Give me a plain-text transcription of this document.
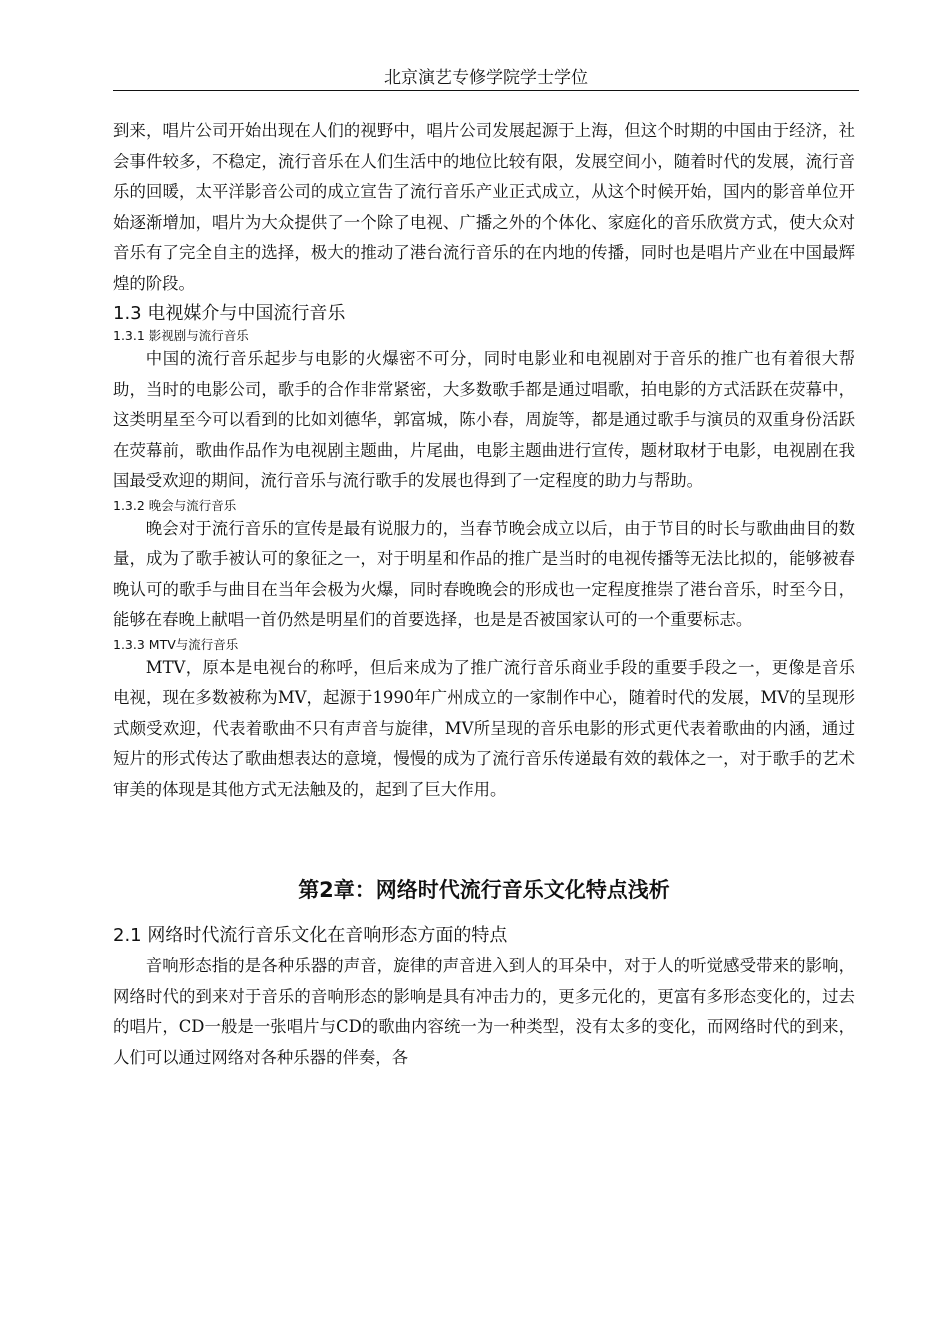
北京演艺专修学院学士学位

到来，唱片公司开始出现在人们的视野中，唱片公司发展起源于上海，但这个时期的中国由于经济，社会事件较多，不稳定，流行音乐在人们生活中的地位比较有限，发展空间小，随着时代的发展，流行音乐的回暖，太平洋影音公司的成立宣告了流行音乐产业正式成立，从这个时候开始，国内的影音单位开始逐渐增加，唱片为大众提供了一个除了电视、广播之外的个体化、家庭化的音乐欣赏方式，使大众对音乐有了完全自主的选择，极大的推动了港台流行音乐的在内地的传播，同时也是唱片产业在中国最辉煌的阶段。

1.3 电视媒介与中国流行音乐
1.3.1 影视剧与流行音乐

中国的流行音乐起步与电影的火爆密不可分，同时电影业和电视剧对于音乐的推广也有着很大帮助，当时的电影公司，歌手的合作非常紧密，大多数歌手都是通过唱歌，拍电影的方式活跃在荧幕中，这类明星至今可以看到的比如刘德华，郭富城，陈小春，周旋等，都是通过歌手与演员的双重身份活跃在荧幕前，歌曲作品作为电视剧主题曲，片尾曲，电影主题曲进行宣传，题材取材于电影，电视剧在我国最受欢迎的期间，流行音乐与流行歌手的发展也得到了一定程度的助力与帮助。

1.3.2 晚会与流行音乐

晚会对于流行音乐的宣传是最有说服力的，当春节晚会成立以后，由于节目的时长与歌曲曲目的数量，成为了歌手被认可的象征之一，对于明星和作品的推广是当时的电视传播等无法比拟的，能够被春晚认可的歌手与曲目在当年会极为火爆，同时春晚晚会的形成也一定程度推崇了港台音乐，时至今日，能够在春晚上献唱一首仍然是明星们的首要选择，也是是否被国家认可的一个重要标志。

1.3.3 MTV与流行音乐

MTV，原本是电视台的称呼，但后来成为了推广流行音乐商业手段的重要手段之一，更像是音乐电视，现在多数被称为MV，起源于1990年广州成立的一家制作中心，随着时代的发展，MV的呈现形式颇受欢迎，代表着歌曲不只有声音与旋律，MV所呈现的音乐电影的形式更代表着歌曲的内涵，通过短片的形式传达了歌曲想表达的意境，慢慢的成为了流行音乐传递最有效的载体之一，对于歌手的艺术审美的体现是其他方式无法触及的，起到了巨大作用。

第2章：网络时代流行音乐文化特点浅析
2.1 网络时代流行音乐文化在音响形态方面的特点

音响形态指的是各种乐器的声音，旋律的声音进入到人的耳朵中，对于人的听觉感受带来的影响，网络时代的到来对于音乐的音响形态的影响是具有冲击力的，更多元化的，更富有多形态变化的，过去的唱片，CD一般是一张唱片与CD的歌曲内容统一为一种类型，没有太多的变化，而网络时代的到来，人们可以通过网络对各种乐器的伴奏，各
